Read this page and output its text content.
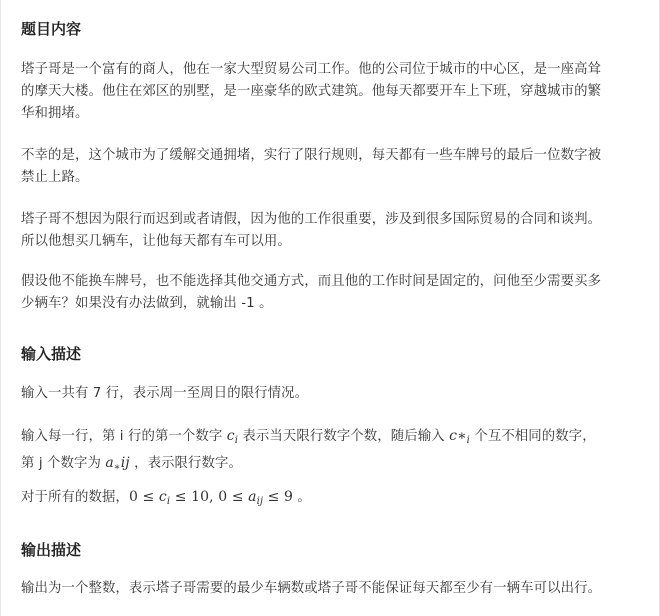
题目内容

塔子哥是一个富有的商人，他在一家大型贸易公司工作。他的公司位于城市的中心区，是一座高耸
的摩天大楼。他住在郊区的别墅，是一座豪华的欧式建筑。他每天都要开车上下班，穿越城市的繁
华和拥堵。

不幸的是，这个城市为了缓解交通拥堵，实行了限行规则，每天都有一些车牌号的最后一位数字被
禁止上路。

塔子哥不想因为限行而迟到或者请假，因为他的工作很重要，涉及到很多国际贸易的合同和谈判。
所以他想买几辆车，让他每天都有车可以用。

假设他不能换车牌号，也不能选择其他交通方式，而且他的工作时间是固定的，问他至少需要买多
少辆车？如果没有办法做到，就输出 -1 。

输入描述

输入一共有 7 行，表示周一至周日的限行情况。

输入每一行，第 i 行的第一个数字 $c_i$ 表示当天限行数字个数，随后输入 $c∗_i$ 个互不相同的数字，
第 j 个数字为 $a_∗ij$ ，表示限行数字。

对于所有的数据，$0 \le c_i \le 10$, $0 \le a_{ij} \le 9$ 。

输出描述

输出为一个整数，表示塔子哥需要的最少车辆数或塔子哥不能保证每天都至少有一辆车可以出行。
